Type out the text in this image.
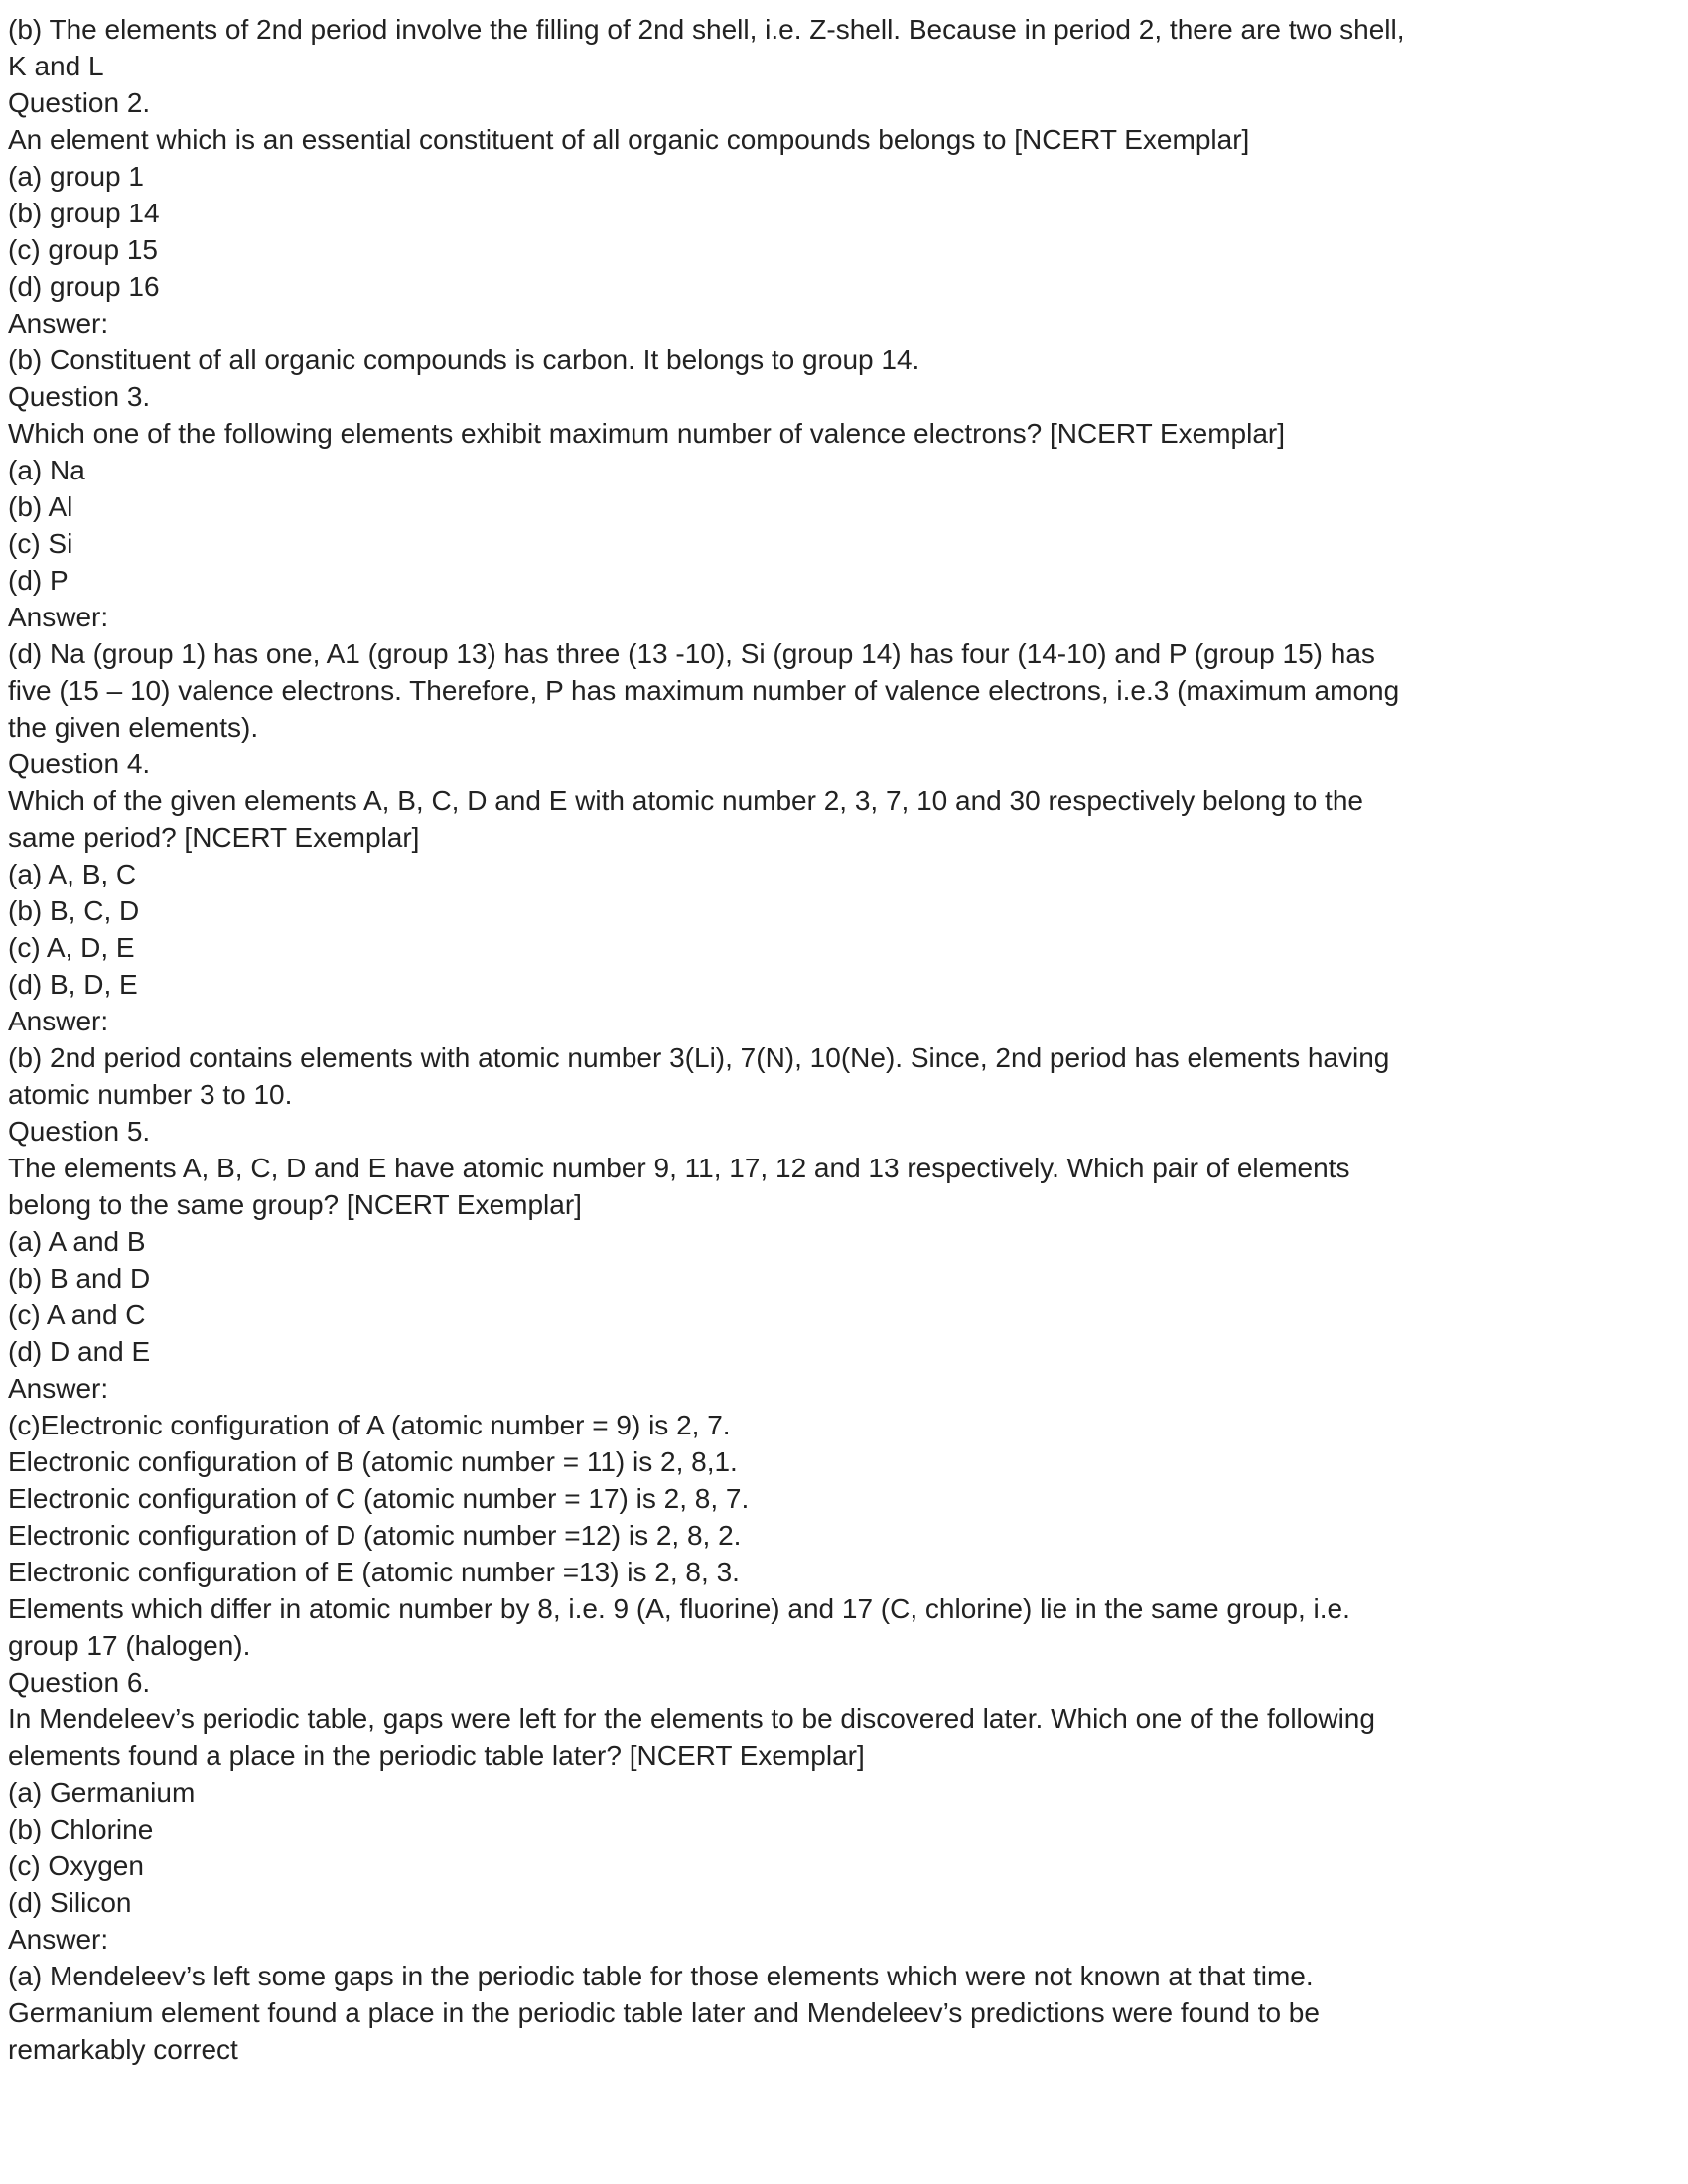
(b) The elements of 2nd period involve the filling of 2nd shell, i.e. Z-shell. Because in period 2, there are two shell,
K and L
Question 2.
An element which is an essential constituent of all organic compounds belongs to [NCERT Exemplar]
(a) group 1
(b) group 14
(c) group 15
(d) group 16
Answer:
(b) Constituent of all organic compounds is carbon. It belongs to group 14.
Question 3.
Which one of the following elements exhibit maximum number of valence electrons? [NCERT Exemplar]
(a) Na
(b) Al
(c) Si
(d) P
Answer:
(d) Na (group 1) has one, A1 (group 13) has three (13 -10), Si (group 14) has four (14-10) and P (group 15) has
five (15 – 10) valence electrons. Therefore, P has maximum number of valence electrons, i.e.3 (maximum among
the given elements).
Question 4.
Which of the given elements A, B, C, D and E with atomic number 2, 3, 7, 10 and 30 respectively belong to the
same period? [NCERT Exemplar]
(a) A, B, C
(b) B, C, D
(c) A, D, E
(d) B, D, E
Answer:
(b) 2nd period contains elements with atomic number 3(Li), 7(N), 10(Ne). Since, 2nd period has elements having
atomic number 3 to 10.
Question 5.
The elements A, B, C, D and E have atomic number 9, 11, 17, 12 and 13 respectively. Which pair of elements
belong to the same group? [NCERT Exemplar]
(a) A and B
(b) B and D
(c) A and C
(d) D and E
Answer:
(c)Electronic configuration of A (atomic number = 9) is 2, 7.
Electronic configuration of B (atomic number = 11) is 2, 8,1.
Electronic configuration of C (atomic number = 17) is 2, 8, 7.
Electronic configuration of D (atomic number =12) is 2, 8, 2.
Electronic configuration of E (atomic number =13) is 2, 8, 3.
Elements which differ in atomic number by 8, i.e. 9 (A, fluorine) and 17 (C, chlorine) lie in the same group, i.e.
group 17 (halogen).
Question 6.
In Mendeleev’s periodic table, gaps were left for the elements to be discovered later. Which one of the following
elements found a place in the periodic table later? [NCERT Exemplar]
(a) Germanium
(b) Chlorine
(c) Oxygen
(d) Silicon
Answer:
(a) Mendeleev’s left some gaps in the periodic table for those elements which were not known at that time.
Germanium element found a place in the periodic table later and Mendeleev’s predictions were found to be
remarkably correct
